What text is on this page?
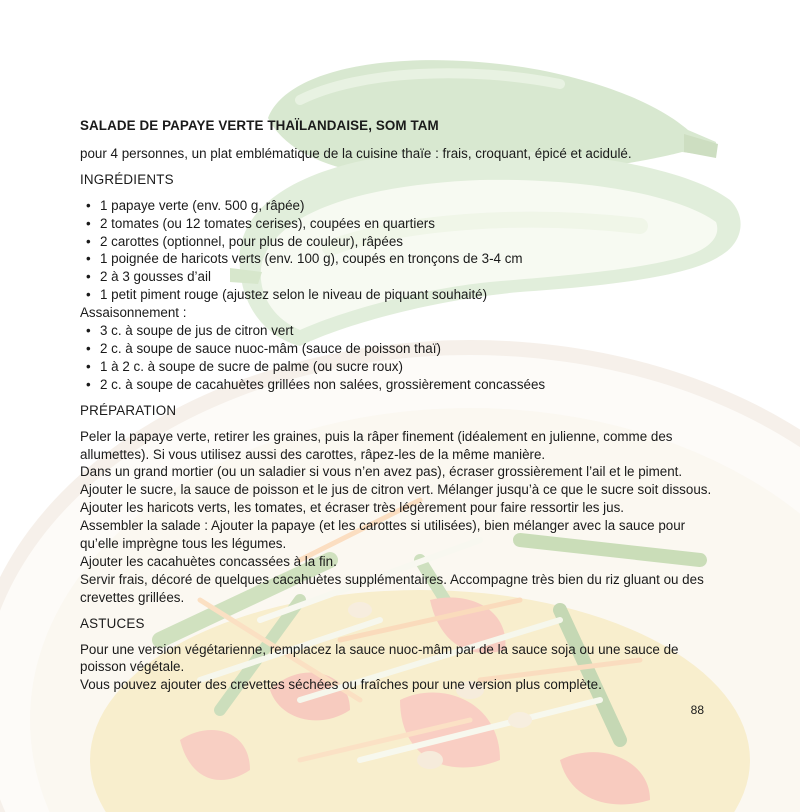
SALADE DE PAPAYE VERTE THAÏLANDAISE, SOM TAM
pour 4 personnes, un plat emblématique de la cuisine thaïe : frais, croquant, épicé et acidulé.
INGRÉDIENTS
• 1 papaye verte (env. 500 g, râpée)
• 2 tomates (ou 12 tomates cerises), coupées en quartiers
• 2 carottes (optionnel, pour plus de couleur), râpées
• 1 poignée de haricots verts (env. 100 g), coupés en tronçons de 3-4 cm
• 2 à 3 gousses d’ail
• 1 petit piment rouge (ajustez selon le niveau de piquant souhaité)
Assaisonnement :
• 3 c. à soupe de jus de citron vert
• 2 c. à soupe de sauce nuoc-mâm (sauce de poisson thaï)
• 1 à 2 c. à soupe de sucre de palme (ou sucre roux)
• 2 c. à soupe de cacahuètes grillées non salées, grossièrement concassées
PRÉPARATION

Peler la papaye verte, retirer les graines, puis la râper finement (idéalement en julienne, comme des allumettes). Si vous utilisez aussi des carottes, râpez-les de la même manière.

Dans un grand mortier (ou un saladier si vous n’en avez pas), écraser grossièrement l’ail et le piment.

Ajouter le sucre, la sauce de poisson et le jus de citron vert. Mélanger jusqu’à ce que le sucre soit dissous. Ajouter les haricots verts, les tomates, et écraser très légèrement pour faire ressortir les jus.

Assembler la salade : Ajouter la papaye (et les carottes si utilisées), bien mélanger avec la sauce pour qu’elle imprègne tous les légumes.

Ajouter les cacahuètes concassées à la fin.

Servir frais, décoré de quelques cacahuètes supplémentaires. Accompagne très bien du riz gluant ou des crevettes grillées.

ASTUCES

Pour une version végétarienne, remplacez la sauce nuoc-mâm par de la sauce soja ou une sauce de poisson végétale.

Vous pouvez ajouter des crevettes séchées ou fraîches pour une version plus complète.

88
